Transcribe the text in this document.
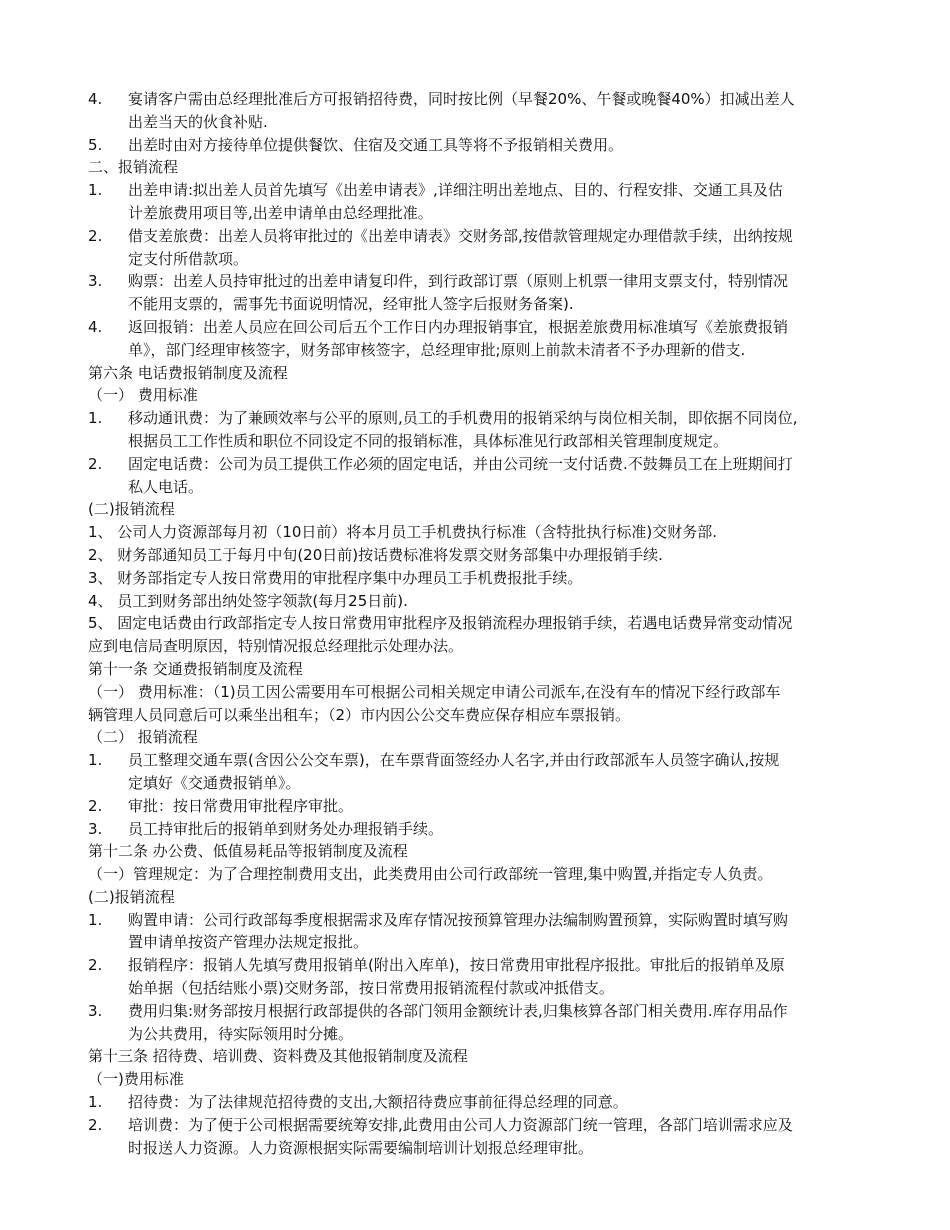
4.	宴请客户需由总经理批准后方可报销招待费，同时按比例（早餐20%、午餐或晚餐40%）扣减出差人
出差当天的伙食补贴.
5.	出差时由对方接待单位提供餐饮、住宿及交通工具等将不予报销相关费用。
二、报销流程
1.	出差申请:拟出差人员首先填写《出差申请表》,详细注明出差地点、目的、行程安排、交通工具及估
计差旅费用项目等,出差申请单由总经理批准。
2.	借支差旅费：出差人员将审批过的《出差申请表》交财务部,按借款管理规定办理借款手续，出纳按规
定支付所借款项。
3.	购票：出差人员持审批过的出差申请复印件，到行政部订票（原则上机票一律用支票支付，特别情况
不能用支票的，需事先书面说明情况，经审批人签字后报财务备案).
4.	返回报销：出差人员应在回公司后五个工作日内办理报销事宜，根据差旅费用标准填写《差旅费报销
单》，部门经理审核签字，财务部审核签字，总经理审批;原则上前款未清者不予办理新的借支.
第六条 电话费报销制度及流程
（一） 费用标准
1.	移动通讯费：为了兼顾效率与公平的原则,员工的手机费用的报销采纳与岗位相关制，即依据不同岗位,
根据员工工作性质和职位不同设定不同的报销标准，具体标准见行政部相关管理制度规定。
2.	固定电话费：公司为员工提供工作必须的固定电话，并由公司统一支付话费.不鼓舞员工在上班期间打
私人电话。
(二)报销流程
1、 公司人力资源部每月初（10日前）将本月员工手机费执行标准（含特批执行标准)交财务部.
2、 财务部通知员工于每月中旬(20日前)按话费标准将发票交财务部集中办理报销手续.
3、 财务部指定专人按日常费用的审批程序集中办理员工手机费报批手续。
4、 员工到财务部出纳处签字领款(每月25日前).
5、 固定电话费由行政部指定专人按日常费用审批程序及报销流程办理报销手续，若遇电话费异常变动情况
应到电信局查明原因，特别情况报总经理批示处理办法。
第十一条 交通费报销制度及流程
（一） 费用标准：（1)员工因公需要用车可根据公司相关规定申请公司派车,在没有车的情况下经行政部车
辆管理人员同意后可以乘坐出租车；（2）市内因公公交车费应保存相应车票报销。
（二） 报销流程
1.	员工整理交通车票(含因公公交车票)，在车票背面签经办人名字,并由行政部派车人员签字确认,按规
定填好《交通费报销单》。
2.	审批：按日常费用审批程序审批。
3.	员工持审批后的报销单到财务处办理报销手续。
第十二条 办公费、低值易耗品等报销制度及流程
（一）管理规定：为了合理控制费用支出，此类费用由公司行政部统一管理,集中购置,并指定专人负责。
(二)报销流程
1.	购置申请：公司行政部每季度根据需求及库存情况按预算管理办法编制购置预算，实际购置时填写购
置申请单按资产管理办法规定报批。
2.	报销程序：报销人先填写费用报销单(附出入库单)，按日常费用审批程序报批。审批后的报销单及原
始单据（包括结账小票)交财务部，按日常费用报销流程付款或冲抵借支。
3.	费用归集:财务部按月根据行政部提供的各部门领用金额统计表,归集核算各部门相关费用.库存用品作
为公共费用，待实际领用时分摊。
第十三条 招待费、培训费、资料费及其他报销制度及流程
（一)费用标准
1.	招待费：为了法律规范招待费的支出,大额招待费应事前征得总经理的同意。
2.	培训费：为了便于公司根据需要统筹安排,此费用由公司人力资源部门统一管理，各部门培训需求应及
时报送人力资源。人力资源根据实际需要编制培训计划报总经理审批。
